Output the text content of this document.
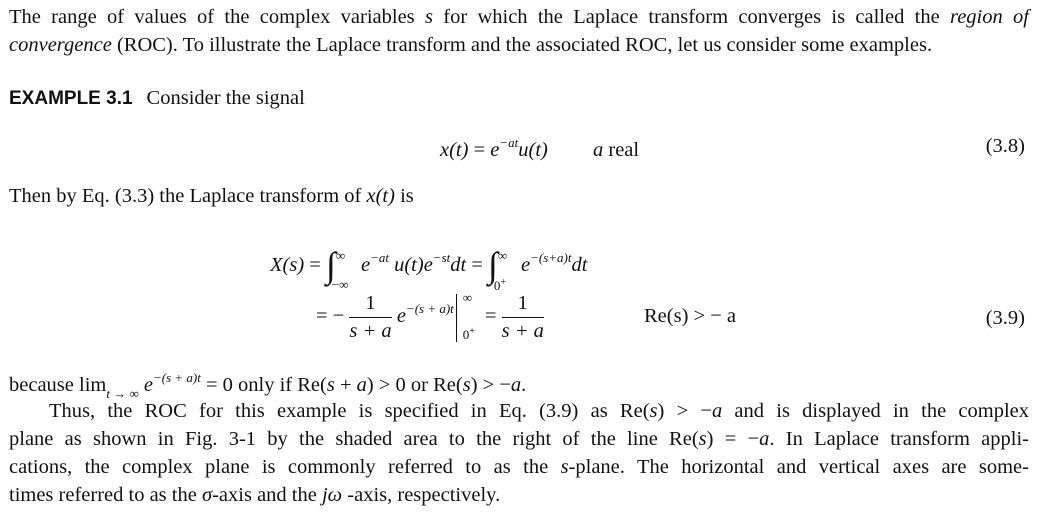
The range of values of the complex variables s for which the Laplace transform converges is called the region of
convergence (ROC). To illustrate the Laplace transform and the associated ROC, let us consider some examples.
EXAMPLE 3.1 Consider the signal
$x(t) = e^{-at}u(t)$ a real	(3.8)
Then by Eq. (3.3) the Laplace transform of x(t) is
X(s) = ∫ ∞
−∞
$e^{-at}$ $u(t)e^{-st}dt$ = ∫ ∞
0+
$e^{-(s+a)t}dt$
= − $\frac{1}{s + a} e^{-(s + a)t}$
∞
0+
= $\frac{1}{s + a}$	Re(s) > − a	(3.9)
because $\lim_{t \to \infty} e^{-(s + a)t} = 0$ only if Re(s + a) > 0 or Re(s) > −a.
Thus, the ROC for this example is specified in Eq. (3.9) as Re(s) > −a and is displayed in the complex
plane as shown in Fig. 3-1 by the shaded area to the right of the line Re(s) = −a. In Laplace transform appli-
cations, the complex plane is commonly referred to as the s-plane. The horizontal and vertical axes are some-
times referred to as the σ-axis and the jω -axis, respectively.
